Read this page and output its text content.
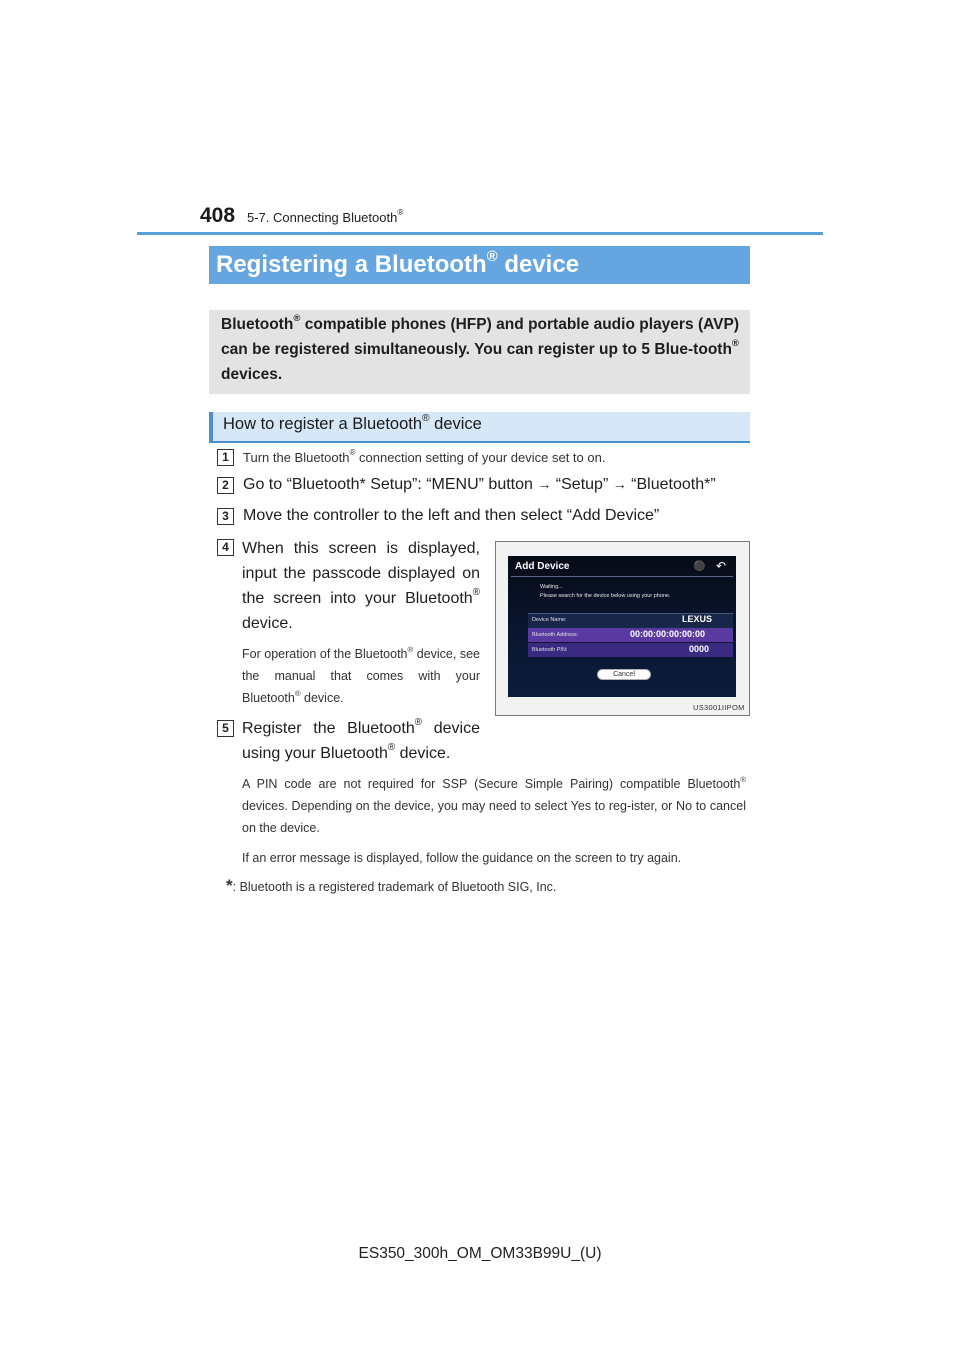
408 5-7. Connecting Bluetooth®
Registering a Bluetooth® device
Bluetooth® compatible phones (HFP) and portable audio players (AVP) can be registered simultaneously. You can register up to 5 Blue-tooth® devices.
How to register a Bluetooth® device
1	Turn the Bluetooth® connection setting of your device set to on.
2 Go to “Bluetooth* Setup”: “MENU” button → “Setup” → “Bluetooth*”
3 Move the controller to the left and then select “Add Device”
4 When this screen is displayed, input the passcode displayed on the screen into your Bluetooth® device.
For operation of the Bluetooth® device, see the manual that comes with your Bluetooth® device.
Add Device	⚫ ↶
Waiting...
Please search for the device below using your phone.
Device Name:	LEXUS
Bluetooth Address:	00:00:00:00:00:00
Bluetooth PIN:	0000
Cancel
US3001IIPOM
5 Register the Bluetooth® device using your Bluetooth® device.
A PIN code are not required for SSP (Secure Simple Pairing) compatible Bluetooth® devices. Depending on the device, you may need to select Yes to reg-ister, or No to cancel on the device.
If an error message is displayed, follow the guidance on the screen to try again.
*: Bluetooth is a registered trademark of Bluetooth SIG, Inc.
ES350_300h_OM_OM33B99U_(U)
